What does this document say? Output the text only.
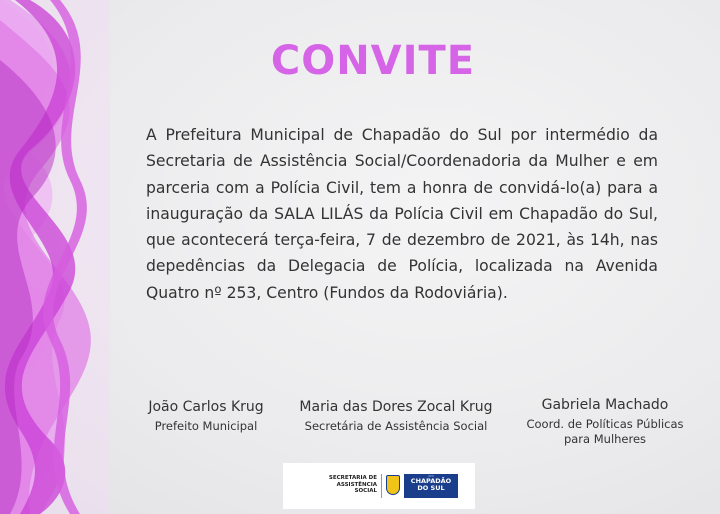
CONVITE

A Prefeitura Municipal de Chapadão do Sul por intermédio da Secretaria de Assistência Social/Coordenadoria da Mulher e em parceria com a Polícia Civil, tem a honra de convidá-lo(a) para a inauguração da SALA LILÁS da Polícia Civil em Chapadão do Sul, que acontecerá terça-feira, 7 de dezembro de 2021, às 14h, nas depedências da Delegacia de Polícia, localizada na Avenida Quatro nº 253, Centro (Fundos da Rodoviária).

João Carlos Krug
Prefeito Municipal
Maria das Dores Zocal Krug
Secretária de Assistência Social
Gabriela Machado
Coord. de Políticas Públicas para Mulheres
SECRETARIA DE ASSISTÊNCIA SOCIAL
•••
CHAPADÃO
DO SUL
